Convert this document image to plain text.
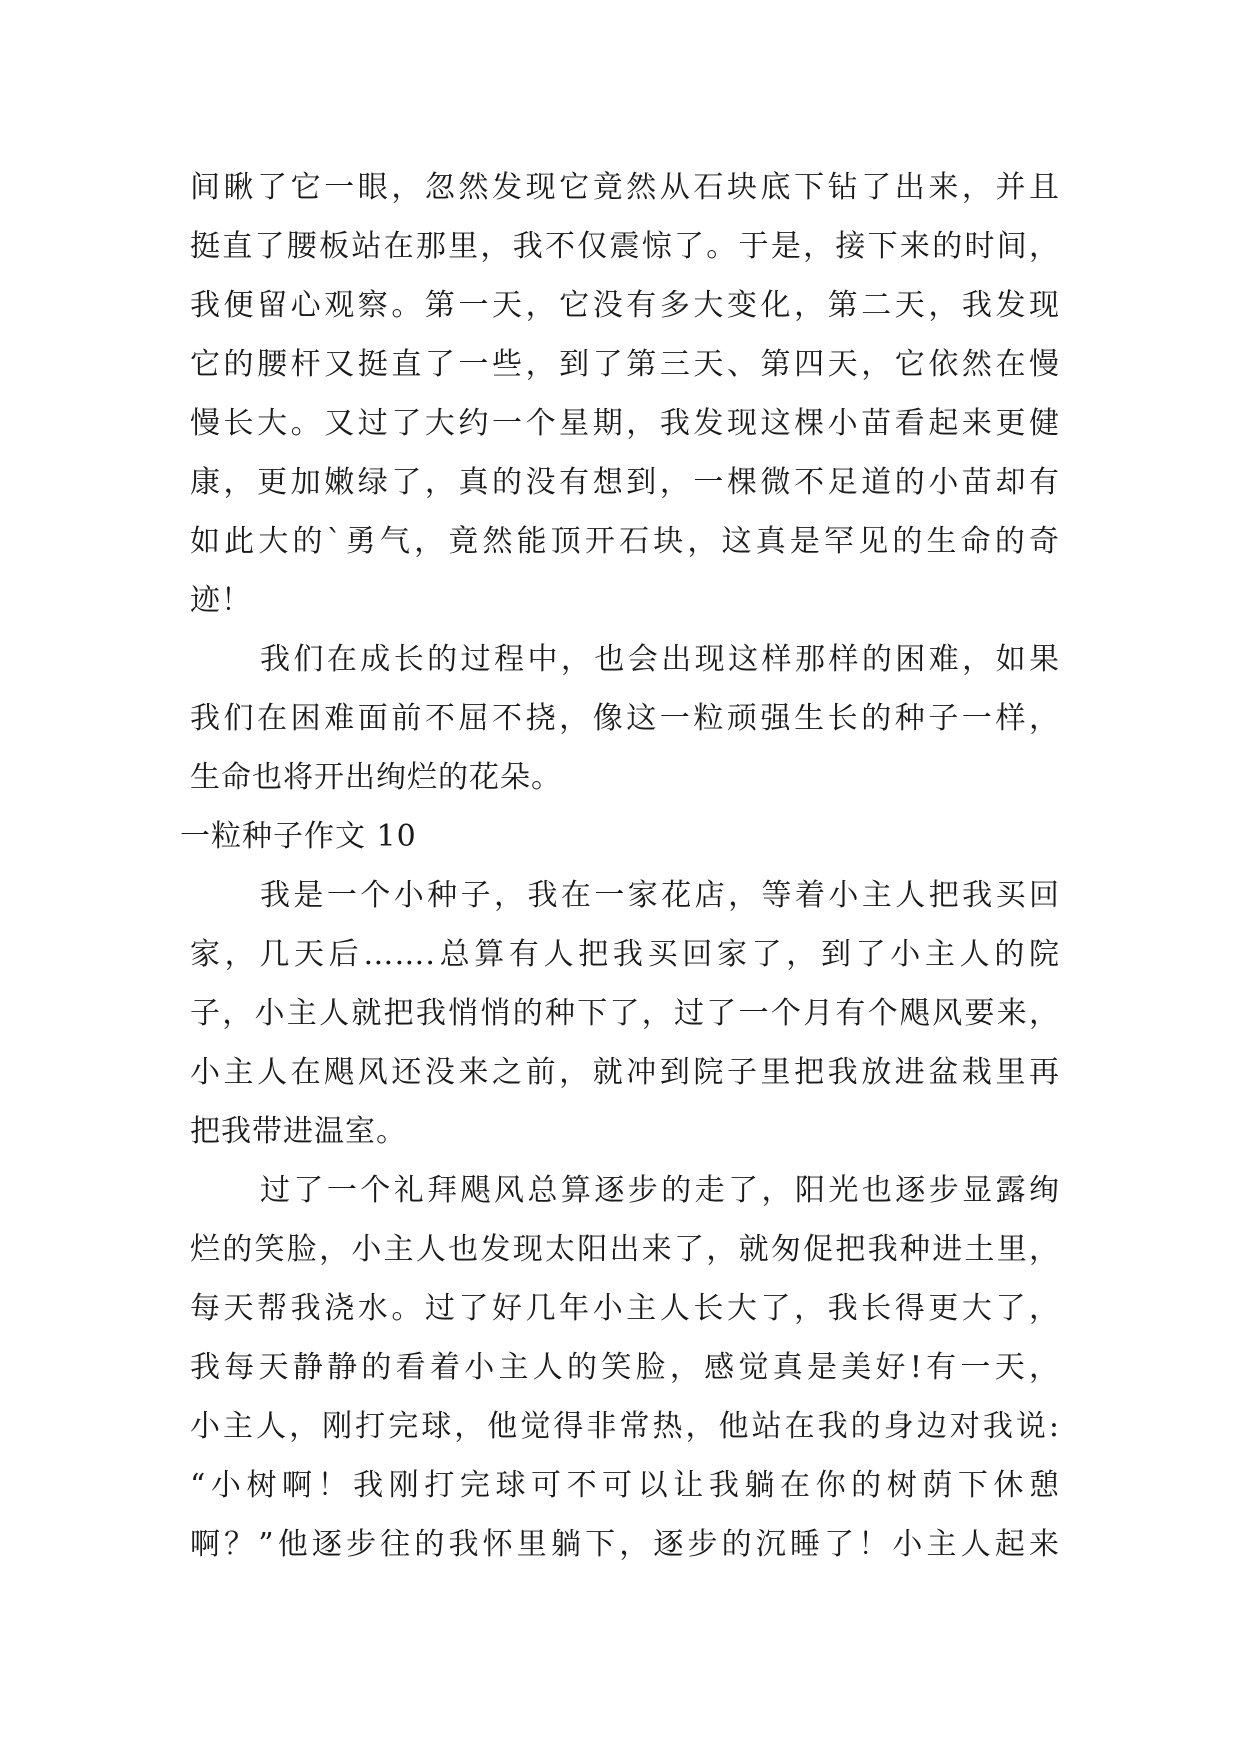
间瞅了它一眼，忽然发现它竟然从石块底下钻了出来，并且
挺直了腰板站在那里，我不仅震惊了。于是，接下来的时间，
我便留心观察。第一天，它没有多大变化，第二天，我发现
它的腰杆又挺直了一些，到了第三天、第四天，它依然在慢
慢长大。又过了大约一个星期，我发现这棵小苗看起来更健
康，更加嫩绿了，真的没有想到，一棵微不足道的小苗却有
如此大的`勇气，竟然能顶开石块，这真是罕见的生命的奇
迹！
我们在成长的过程中，也会出现这样那样的困难，如果
我们在困难面前不屈不挠，像这一粒顽强生长的种子一样，
生命也将开出绚烂的花朵。
一粒种子作文 10
我是一个小种子，我在一家花店，等着小主人把我买回
家，几天后…….总算有人把我买回家了，到了小主人的院
子，小主人就把我悄悄的种下了，过了一个月有个飓风要来，
小主人在飓风还没来之前，就冲到院子里把我放进盆栽里再
把我带进温室。
过了一个礼拜飓风总算逐步的走了，阳光也逐步显露绚
烂的笑脸，小主人也发现太阳出来了，就匆促把我种进土里，
每天帮我浇水。过了好几年小主人长大了，我长得更大了，
我每天静静的看着小主人的笑脸，感觉真是美好!有一天，
小主人，刚打完球，他觉得非常热，他站在我的身边对我说:
“小树啊！我刚打完球可不可以让我躺在你的树荫下休憩
啊？”他逐步往的我怀里躺下，逐步的沉睡了！小主人起来
